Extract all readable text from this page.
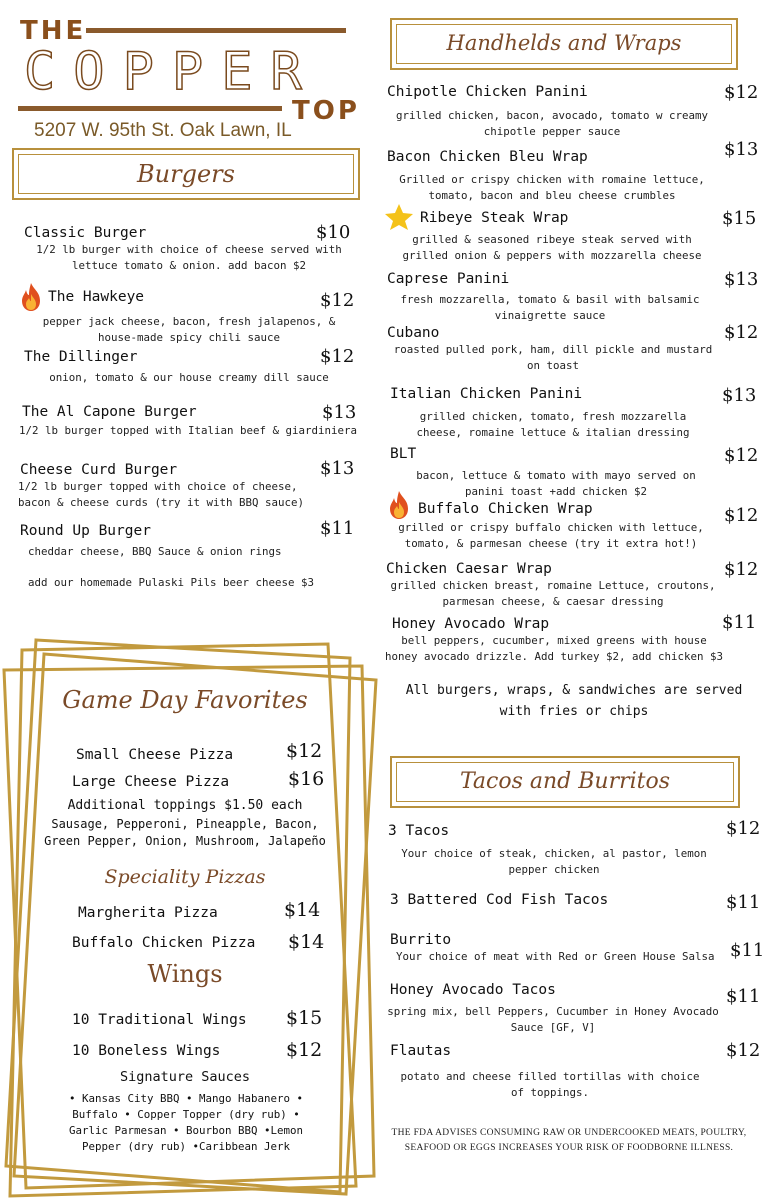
THE
COPPER
TOP
5207 W. 95th St. Oak Lawn, IL
Burgers
Classic Burger	$10
1/2 lb burger with choice of cheese served with lettuce tomato & onion. add bacon $2
The Hawkeye	$12
pepper jack cheese, bacon, fresh jalapenos, & house-made spicy chili sauce
The Dillinger	$12
onion, tomato & our house creamy dill sauce
The Al Capone Burger	$13
1/2 lb burger topped with Italian beef & giardiniera
Cheese Curd Burger	$13
1/2 lb burger topped with choice of cheese, bacon & cheese curds (try it with BBQ sauce)
Round Up Burger	$11
cheddar cheese, BBQ Sauce & onion rings
add our homemade Pulaski Pils beer cheese $3
Handhelds and Wraps
Chipotle Chicken Panini	$12
grilled chicken, bacon, avocado, tomato w creamy chipotle pepper sauce
Bacon Chicken Bleu Wrap	$13
Grilled or crispy chicken with romaine lettuce, tomato, bacon and bleu cheese crumbles
Ribeye Steak Wrap	$15
grilled & seasoned ribeye steak served with grilled onion & peppers with mozzarella cheese
Caprese Panini	$13
fresh mozzarella, tomato & basil with balsamic vinaigrette sauce
Cubano	$12
roasted pulled pork, ham, dill pickle and mustard on toast
Italian Chicken Panini	$13
grilled chicken, tomato, fresh mozzarella cheese, romaine lettuce & italian dressing
BLT	$12
bacon, lettuce & tomato with mayo served on panini toast +add chicken $2
Buffalo Chicken Wrap	$12
grilled or crispy buffalo chicken with lettuce, tomato, & parmesan cheese (try it extra hot!)
Chicken Caesar Wrap	$12
grilled chicken breast, romaine Lettuce, croutons, parmesan cheese, & caesar dressing
Honey Avocado Wrap	$11
bell peppers, cucumber, mixed greens with house honey avocado drizzle. Add turkey $2, add chicken $3
All burgers, wraps, & sandwiches are served with fries or chips
Tacos and Burritos
3 Tacos	$12
Your choice of steak, chicken, al pastor, lemon pepper chicken
3 Battered Cod Fish Tacos	$11
Burrito	$11
Your choice of meat with Red or Green House Salsa
Honey Avocado Tacos	$11
spring mix, bell Peppers, Cucumber in Honey Avocado Sauce [GF, V]
Flautas	$12
potato and cheese filled tortillas with choice of toppings.
THE FDA ADVISES CONSUMING RAW OR UNDERCOOKED MEATS, POULTRY, SEAFOOD OR EGGS INCREASES YOUR RISK OF FOODBORNE ILLNESS.
Game Day Favorites
Small Cheese Pizza	$12
Large Cheese Pizza	$16
Additional toppings $1.50 each
Sausage, Pepperoni, Pineapple, Bacon, Green Pepper, Onion, Mushroom, Jalapeño
Speciality Pizzas
Margherita Pizza	$14
Buffalo Chicken Pizza $14
Wings
10 Traditional Wings $15
10 Boneless Wings	$12
Signature Sauces
• Kansas City BBQ • Mango Habanero • Buffalo • Copper Topper (dry rub) • Garlic Parmesan • Bourbon BBQ •Lemon Pepper (dry rub) •Caribbean Jerk
